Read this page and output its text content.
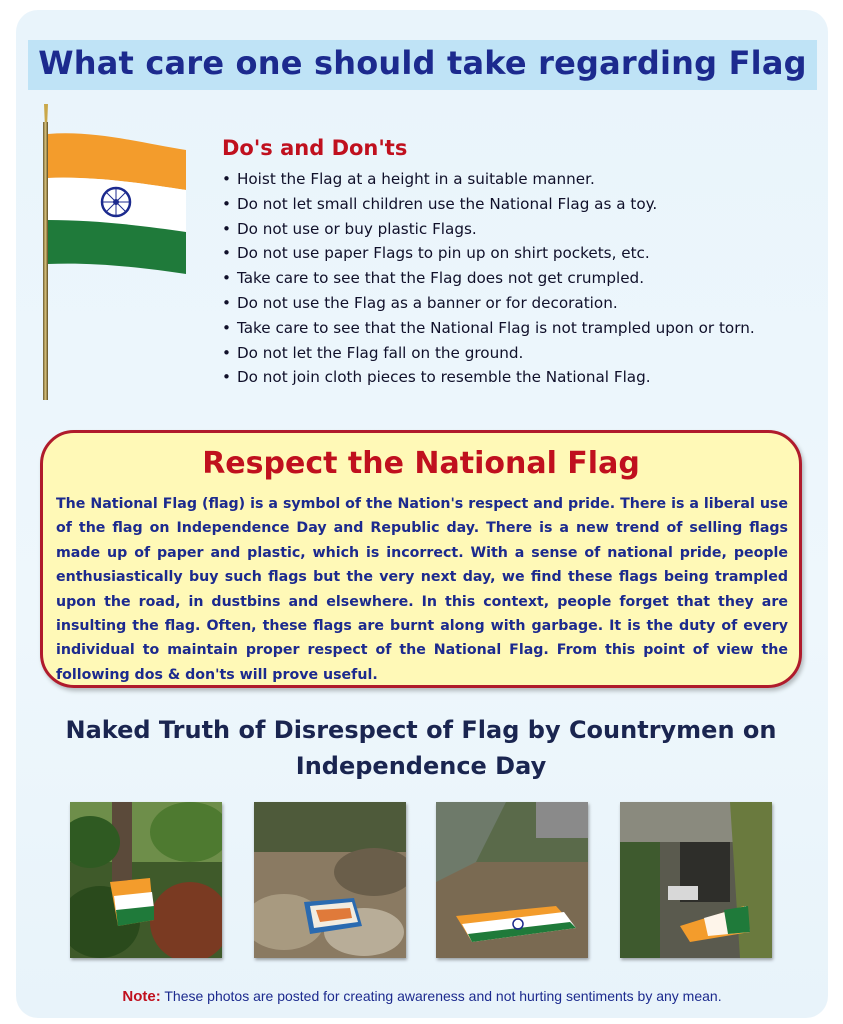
What care one should take regarding Flag
Do's and Don'ts
• Hoist the Flag at a height in a suitable manner.
• Do not let small children use the National Flag as a toy.
• Do not use or buy plastic Flags.
• Do not use paper Flags to pin up on shirt pockets, etc.
• Take care to see that the Flag does not get crumpled.
• Do not use the Flag as a banner or for decoration.
• Take care to see that the National Flag is not trampled upon or torn.
• Do not let the Flag fall on the ground.
• Do not join cloth pieces to resemble the National Flag.
Respect the National Flag
The National Flag (flag) is a symbol of the Nation's respect and pride. There is a liberal use of the flag on Independence Day and Republic day. There is a new trend of selling flags made up of paper and plastic, which is incorrect. With a sense of national pride, people enthusiastically buy such flags but the very next day, we find these flags being trampled upon the road, in dustbins and elsewhere. In this context, people forget that they are insulting the flag. Often, these flags are burnt along with garbage. It is the duty of every individual to maintain proper respect of the National Flag. From this point of view the following dos & don'ts will prove useful.
Naked Truth of Disrespect of Flag by Countrymen on
Independence Day
Note: These photos are posted for creating awareness and not hurting sentiments by any mean.
